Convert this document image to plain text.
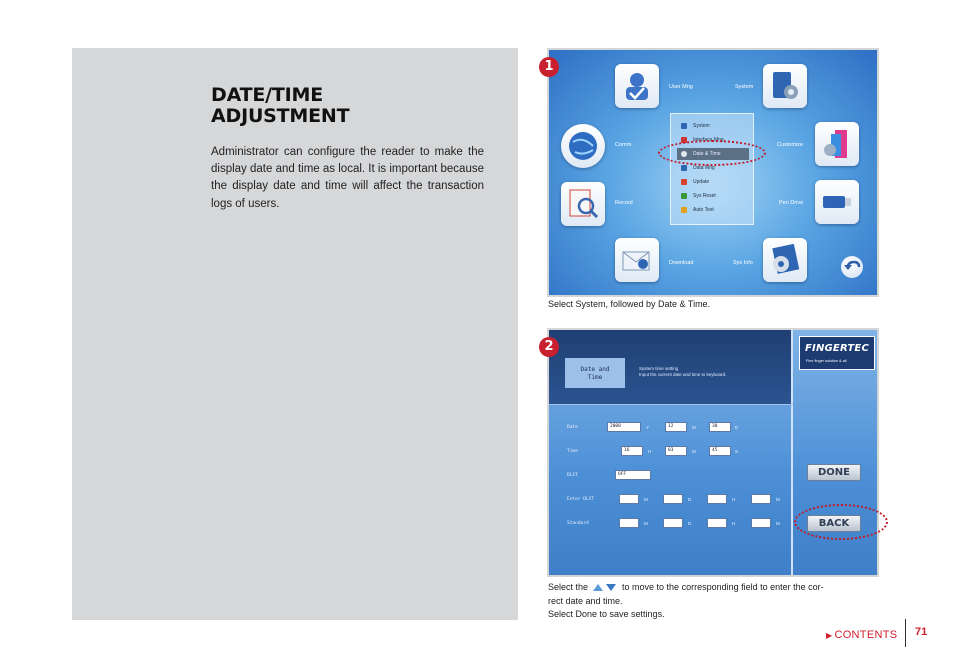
DATE/TIME
ADJUSTMENT

Administrator can configure the reader to make the display date and time as local. It is important because the display date and time will affect the transaction logs of users.

1
User Mng	System
Comm.	Customize
Record	Pen Drive
Download	Sys Info
System
Interface Mng
Date & Time
Data Mng
Update
Sys Reset
Auto Test
Select System, followed by Date & Time.
2
Date and
Time
System time setting
Input the current date and time to keyboard.
Date	2008	Y	12	M	30	D
Time	16	H	03	M	45	S
DLST	OFF
Enter DLST	M	D	H	M
Standard	M	D	H	M
FINGERTEC
Fine finger solution & all
DONE
BACK
Select the	to move to the corresponding field to enter the cor-
rect date and time.
Select Done to save settings.
▶ CONTENTS 71
